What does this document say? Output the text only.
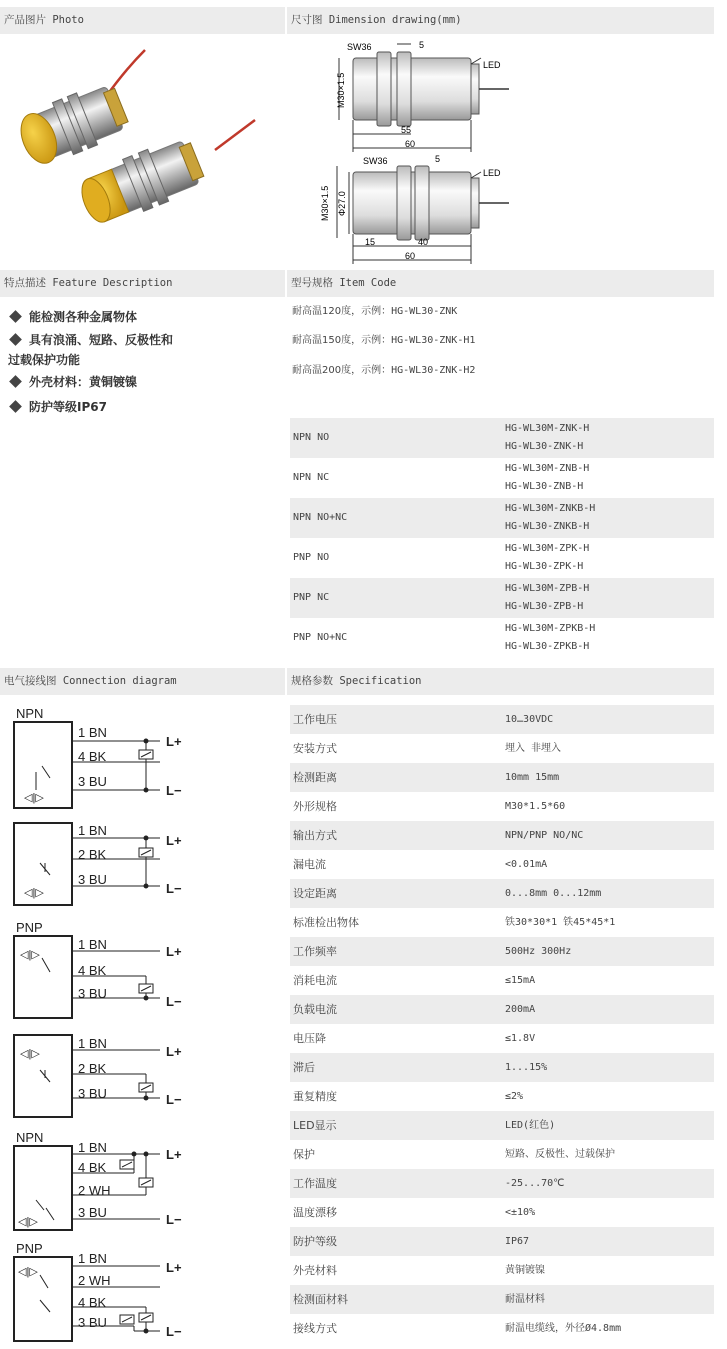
产品图片 Photo	尺寸图 Dimension drawing(mm)
SW36	5
LED
M30×1.5
55
60
SW36	5
LED
M30×1.5 Φ27.0
15	40
60
特点描述 Feature Description	型号规格 Item Code
能检测各种金属物体
具有浪涌、短路、反极性和
过载保护功能
外壳材料：黄铜镀镍
防护等级IP67
耐高温120度，示例：HG-WL30-ZNK
耐高温150度，示例：HG-WL30-ZNK-H1
耐高温200度，示例：HG-WL30-ZNK-H2
NPN NO
HG-WL30M-ZNK-H
HG-WL30-ZNK-H
NPN NC
HG-WL30M-ZNB-H
HG-WL30-ZNB-H
NPN NO+NC
HG-WL30M-ZNKB-H
HG-WL30-ZNKB-H
PNP NO
HG-WL30M-ZPK-H
HG-WL30-ZPK-H
PNP NC
HG-WL30M-ZPB-H
HG-WL30-ZPB-H
PNP NO+NC
HG-WL30M-ZPKB-H
HG-WL30-ZPKB-H
电气接线图 Connection diagram	规格参数 Specification
NPN
◁|▷
1 BN
4 BK
3 BU
L+
L−
◁|▷
1 BN
2 BK
3 BU
L+
L−
PNP
◁|▷
1 BN
4 BK
3 BU
L+
L−
◁|▷
1 BN
2 BK
3 BU
L+
L−
NPN
◁|▷
1 BN
4 BK
2 WH
3 BU
L+
L−
PNP
◁|▷
1 BN
2 WH
4 BK
3 BU
L+
L−
工作电压	10…30VDC
安装方式	埋入 非埋入
检测距离	10mm 15mm
外形规格	M30*1.5*60
输出方式	NPN/PNP NO/NC
漏电流	<0.01mA
设定距离	0...8mm 0...12mm
标准检出物体	铁30*30*1 铁45*45*1
工作频率	500Hz 300Hz
消耗电流	≤15mA
负载电流	200mA
电压降	≤1.8V
滞后	1...15%
重复精度	≤2%
LED显示	LED(红色)
保护	短路、反极性、过载保护
工作温度	-25...70℃
温度漂移	<±10%
防护等级	IP67
外壳材料	黄铜镀镍
检测面材料	耐温材料
接线方式	耐温电缆线，外径Ø4.8mm
